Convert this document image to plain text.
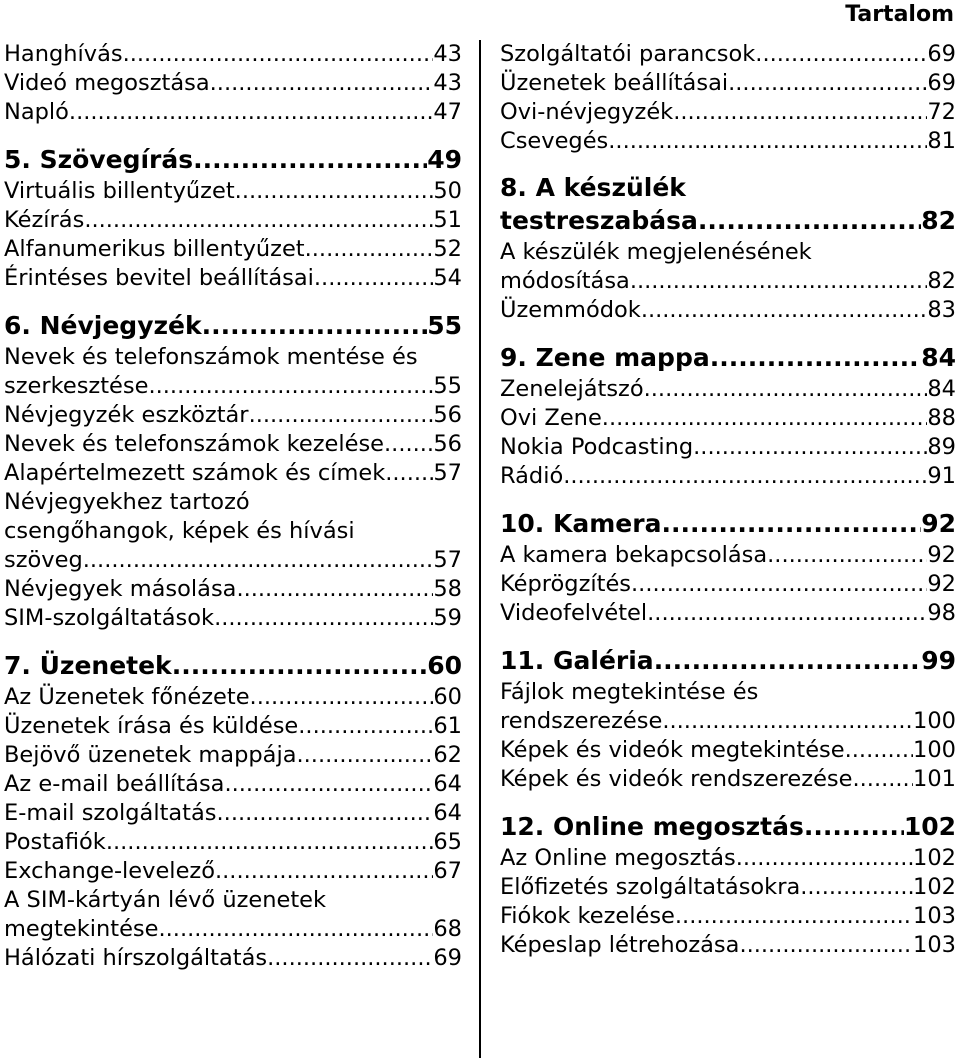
Tartalom
Hanghívás .....	43
Videó megosztása .....	43
Napló .....	47
5. Szövegírás .....	49
Virtuális billentyűzet .....	50
Kézírás .....	51
Alfanumerikus billentyűzet .....	52
Érintéses bevitel beállításai .....	54
6. Névjegyzék .....	55
Nevek és telefonszámok mentése és
szerkesztése .....	55
Névjegyzék eszköztár .....	56
Nevek és telefonszámok kezelése ..... 56
Alapértelmezett számok és címek ..... 57
Névjegyekhez tartozó
csengőhangok, képek és hívási
szöveg .....	57
Névjegyek másolása .....	58
SIM-szolgáltatások .....	59
7. Üzenetek .....	60
Az Üzenetek főnézete .....	60
Üzenetek írása és küldése .....	61
Bejövő üzenetek mappája .....	62
Az e-mail beállítása .....	64
E-mail szolgáltatás .....	64
Postafiók .....	65
Exchange-levelező .....	67
A SIM-kártyán lévő üzenetek
megtekintése .....	68
Hálózati hírszolgáltatás .....	69
Szolgáltatói parancsok .....	69
Üzenetek beállításai .....	69
Ovi-névjegyzék .....	72
Csevegés .....	81
8. A készülék
testreszabása .....	82
A készülék megjelenésének
módosítása .....	82
Üzemmódok .....	83
9. Zene mappa .....	84
Zenelejátszó .....	84
Ovi Zene .....	88
Nokia Podcasting .....	89
Rádió .....	91
10. Kamera .....	92
A kamera bekapcsolása .....	92
Képrögzítés .....	92
Videofelvétel .....	98
11. Galéria .....	99
Fájlok megtekintése és
rendszerezése .....	100
Képek és videók megtekintése .....	100
Képek és videók rendszerezése .....	101
12. Online megosztás .....	102
Az Online megosztás .....	102
Előfizetés szolgáltatásokra .....	102
Fiókok kezelése .....	103
Képeslap létrehozása .....	103
